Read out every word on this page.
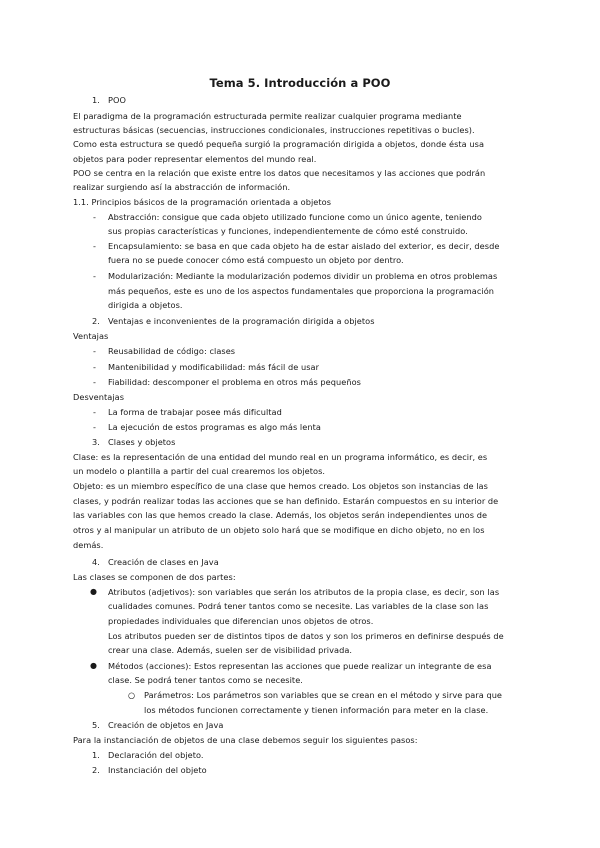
Tema 5. Introducción a POO
1. POO
El paradigma de la programación estructurada permite realizar cualquier programa mediante
estructuras básicas (secuencias, instrucciones condicionales, instrucciones repetitivas o bucles).
Como esta estructura se quedó pequeña surgió la programación dirigida a objetos, donde ésta usa
objetos para poder representar elementos del mundo real.
POO se centra en la relación que existe entre los datos que necesitamos y las acciones que podrán
realizar surgiendo así la abstracción de información.
1.1. Principios básicos de la programación orientada a objetos
- Abstracción: consigue que cada objeto utilizado funcione como un único agente, teniendo
sus propias características y funciones, independientemente de cómo esté construido.
- Encapsulamiento: se basa en que cada objeto ha de estar aislado del exterior, es decir, desde
fuera no se puede conocer cómo está compuesto un objeto por dentro.
- Modularización: Mediante la modularización podemos dividir un problema en otros problemas
más pequeños, este es uno de los aspectos fundamentales que proporciona la programación
dirigida a objetos.
2. Ventajas e inconvenientes de la programación dirigida a objetos
Ventajas
- Reusabilidad de código: clases
- Mantenibilidad y modificabilidad: más fácil de usar
- Fiabilidad: descomponer el problema en otros más pequeños
Desventajas
- La forma de trabajar posee más dificultad
- La ejecución de estos programas es algo más lenta
3. Clases y objetos
Clase: es la representación de una entidad del mundo real en un programa informático, es decir, es
un modelo o plantilla a partir del cual crearemos los objetos.
Objeto: es un miembro específico de una clase que hemos creado. Los objetos son instancias de las
clases, y podrán realizar todas las acciones que se han definido. Estarán compuestos en su interior de
las variables con las que hemos creado la clase. Además, los objetos serán independientes unos de
otros y al manipular un atributo de un objeto solo hará que se modifique en dicho objeto, no en los
demás.
4. Creación de clases en Java
Las clases se componen de dos partes:
● Atributos (adjetivos): son variables que serán los atributos de la propia clase, es decir, son las
cualidades comunes. Podrá tener tantos como se necesite. Las variables de la clase son las
propiedades individuales que diferencian unos objetos de otros.
Los atributos pueden ser de distintos tipos de datos y son los primeros en definirse después de
crear una clase. Además, suelen ser de visibilidad privada.
● Métodos (acciones): Estos representan las acciones que puede realizar un integrante de esa
clase. Se podrá tener tantos como se necesite.
○ Parámetros: Los parámetros son variables que se crean en el método y sirve para que
los métodos funcionen correctamente y tienen información para meter en la clase.
5. Creación de objetos en Java
Para la instanciación de objetos de una clase debemos seguir los siguientes pasos:
1. Declaración del objeto.
2. Instanciación del objeto
